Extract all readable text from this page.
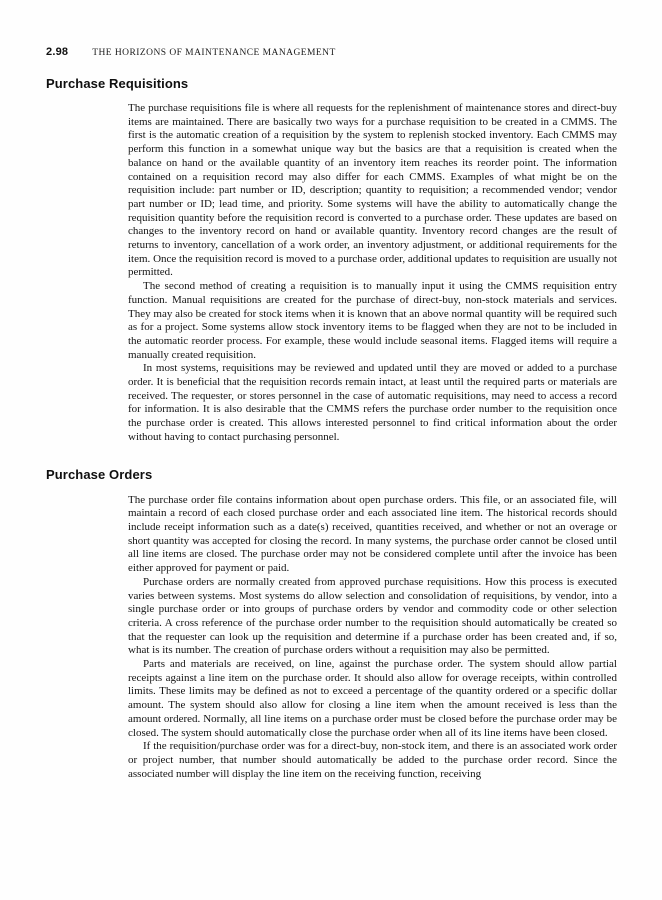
2.98	THE HORIZONS OF MAINTENANCE MANAGEMENT
Purchase Requisitions

The purchase requisitions file is where all requests for the replenishment of maintenance stores and direct-buy items are maintained. There are basically two ways for a purchase requisition to be created in a CMMS. The first is the automatic creation of a requisition by the system to replenish stocked inventory. Each CMMS may perform this function in a somewhat unique way but the basics are that a requisition is created when the balance on hand or the available quantity of an inventory item reaches its reorder point. The information contained on a requisition record may also differ for each CMMS. Examples of what might be on the requisition include: part number or ID, description; quantity to requisition; a recommended vendor; vendor part number or ID; lead time, and priority. Some systems will have the ability to automatically change the requisition quantity before the requisition record is converted to a purchase order. These updates are based on changes to the inventory record on hand or available quantity. Inventory record changes are the result of returns to inventory, cancellation of a work order, an inventory adjustment, or additional requirements for the item. Once the requisition record is moved to a purchase order, additional updates to requisition are usually not permitted.

The second method of creating a requisition is to manually input it using the CMMS requisition entry function. Manual requisitions are created for the purchase of direct-buy, non-stock materials and services. They may also be created for stock items when it is known that an above normal quantity will be required such as for a project. Some systems allow stock inventory items to be flagged when they are not to be included in the automatic reorder process. For example, these would include seasonal items. Flagged items will require a manually created requisition.

In most systems, requisitions may be reviewed and updated until they are moved or added to a purchase order. It is beneficial that the requisition records remain intact, at least until the required parts or materials are received. The requester, or stores personnel in the case of automatic requisitions, may need to access a record for information. It is also desirable that the CMMS refers the purchase order number to the requisition once the purchase order is created. This allows interested personnel to find critical information about the order without having to contact purchasing personnel.

Purchase Orders

The purchase order file contains information about open purchase orders. This file, or an associated file, will maintain a record of each closed purchase order and each associated line item. The historical records should include receipt information such as a date(s) received, quantities received, and whether or not an overage or short quantity was accepted for closing the record. In many systems, the purchase order cannot be closed until all line items are closed. The purchase order may not be considered complete until after the invoice has been either approved for payment or paid.

Purchase orders are normally created from approved purchase requisitions. How this process is executed varies between systems. Most systems do allow selection and consolidation of requisitions, by vendor, into a single purchase order or into groups of purchase orders by vendor and commodity code or other selection criteria. A cross reference of the purchase order number to the requisition should automatically be created so that the requester can look up the requisition and determine if a purchase order has been created and, if so, what is its number. The creation of purchase orders without a requisition may also be permitted.

Parts and materials are received, on line, against the purchase order. The system should allow partial receipts against a line item on the purchase order. It should also allow for overage receipts, within controlled limits. These limits may be defined as not to exceed a percentage of the quantity ordered or a specific dollar amount. The system should also allow for closing a line item when the amount received is less than the amount ordered. Normally, all line items on a purchase order must be closed before the purchase order may be closed. The system should automatically close the purchase order when all of its line items have been closed.

If the requisition/purchase order was for a direct-buy, non-stock item, and there is an associated work order or project number, that number should automatically be added to the purchase order record. Since the associated number will display the line item on the receiving function, receiving
